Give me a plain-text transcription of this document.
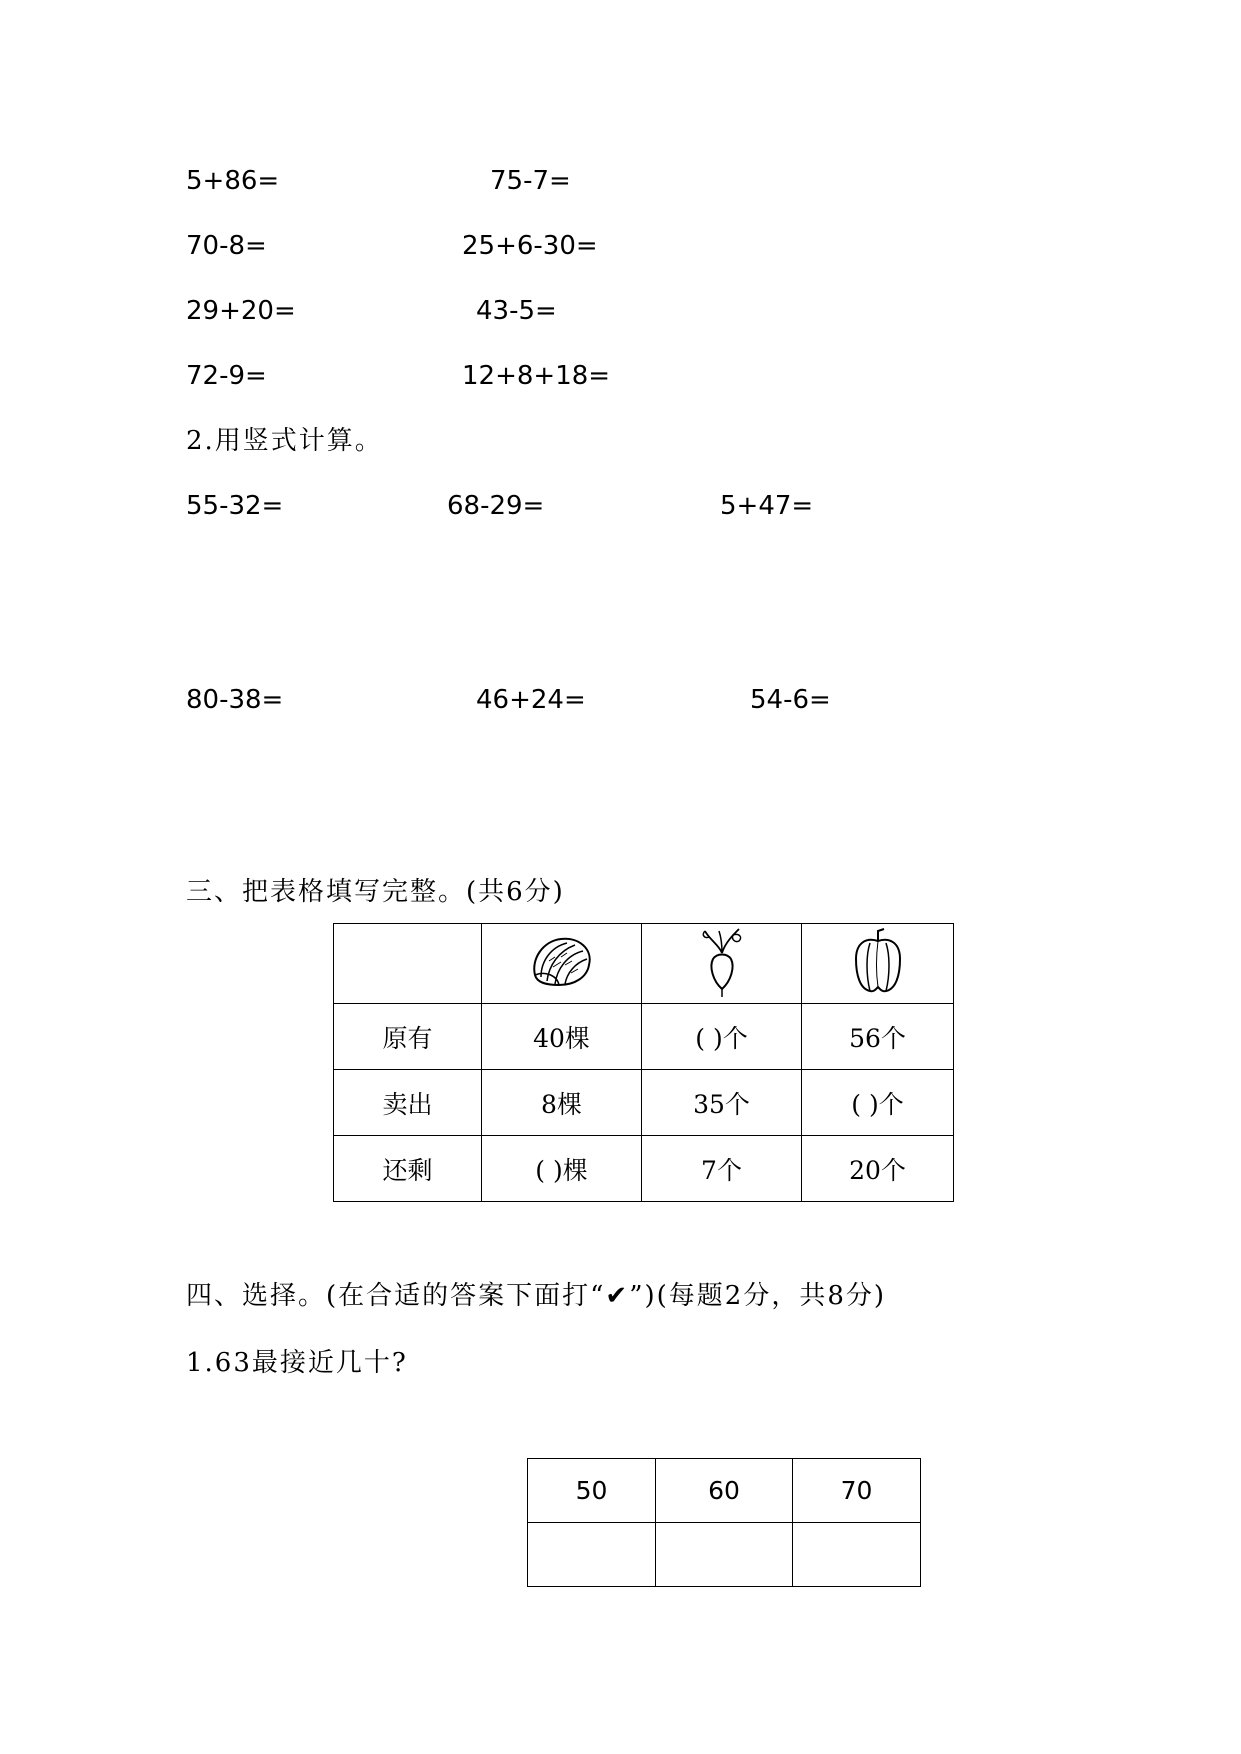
5+86=	75-7=
70-8=	25+6-30=
29+20=	43-5=
72-9=	12+8+18=
2.用竖式计算。
55-32=	68-29=	5+47=
80-38=	46+24=	54-6=
三、把表格填写完整。(共6分)

原有	40棵	( )个	56个
卖出	8棵	35个	( )个
还剩	( )棵	7个	20个
四、选择。(在合适的答案下面打“✔”)(每题2分，共8分)
1.63最接近几十?
50	60	70
